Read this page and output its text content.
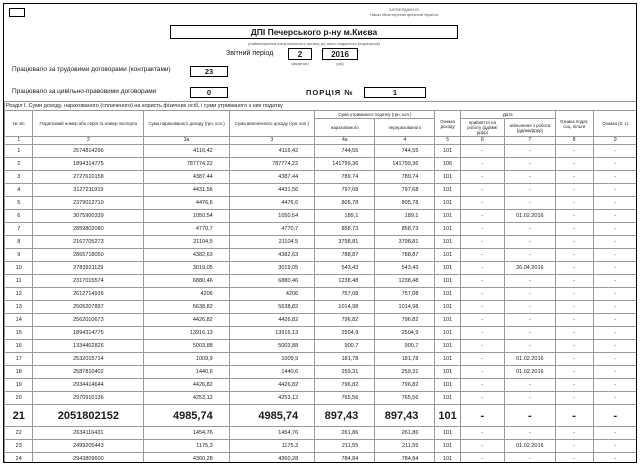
ЗАТВЕРДЖЕНО
Наказ Міністерства фінансів України
ДПІ Печерського р-ну м.Києва
(найменування контролюючого органу, до якого подається розрахунок)
Звітний період	2	2016
(квартал)	(рік)
Працювало за трудовими договорами (контрактами)	23
Працювало за цивільно-правовими договорами	0	ПОРЦІЯ №	1
Розділ I. Суми доходу, нарахованого (сплаченого) на користь фізичних осіб, і суми утриманого з них податку										
№ з/п	Податковий номер або серія та номер паспорта	Сума нарахованого доходу (грн, коп.)	Сума виплаченого доходу (грн, коп.)	Сума утриманого податку (грн, коп.)		Ознака доходу	Дата		Ознака подат. соц. пільги	Ознака (0, 1)
				нарахованого	перерахованого		прийняття на роботу (дд/мм/рррр)	звільнення з роботи (дд/мм/рррр)		
1	2	3а	3	4а	4	5	6	7	8	9
1	2574814296	4116,42	4116,42	744,55	744,55	101	-	-	-	-
2	1894314775	787774,22	787774,22	141799,36	141799,36	106	-	-	-	-
3	2727610158	4387,44	4387,44	789,74	789,74	101	-	-	-	-
4	3127211919	4431,56	4431,56	797,68	797,68	101	-	-	-	-
5	2379012710	4476,6	4476,6	805,78	805,78	101	-	-	-	-
6	3075900339	1050,54	1050,54	189,1	189,1	101	-	01.02.2016	-	-
7	2859802080	4770,7	4770,7	858,73	858,73	101	-	-	-	-
8	2167705273	21104,5	21104,5	3798,81	3798,81	101	-	-	-	-
9	2865718050	4382,63	4382,63	788,87	788,87	101	-	-	-	-
10	2783921129	3019,05	3019,05	543,43	543,43	101	-	26.04.2016	-	-
11	2317015574	6880,46	6880,46	1238,48	1238,48	101	-	-	-	-
12	2612714936	4206	4206	757,08	757,08	101	-	-	-	-
13	2505207897	5638,82	5638,82	1014,98	1014,98	101	-	-	-	-
14	2562010673	4426,82	4426,82	796,82	796,82	101	-	-	-	-
15	1894314775	13916,13	13916,13	2504,9	2504,9	101	-	-	-	-
16	1334402826	5003,88	5003,88	900,7	900,7	101	-	-	-	-
17	2532015714	1009,9	1009,9	181,78	181,78	101	-	01.02.2016	-	-
18	2587810402	1440,6	1440,6	259,31	259,31	101	-	01.02.2016	-	-
19	2934414644	4426,82	4426,82	796,82	796,82	101	-	-	-	-
20	2970910136	4253,12	4253,12	765,56	765,56	101	-	-	-	-
21	2051802152	4985,74	4985,74	897,43	897,43	101	-	-	-	-
22	2634116431	1454,76	1454,76	261,86	261,86	101	-	-	-	-
23	2499205443	1175,3	1175,3	211,55	211,55	101	-	01.02.2016	-	-
24	2943809600	4360,28	4360,28	784,84	784,84	101	-	-	-	-
